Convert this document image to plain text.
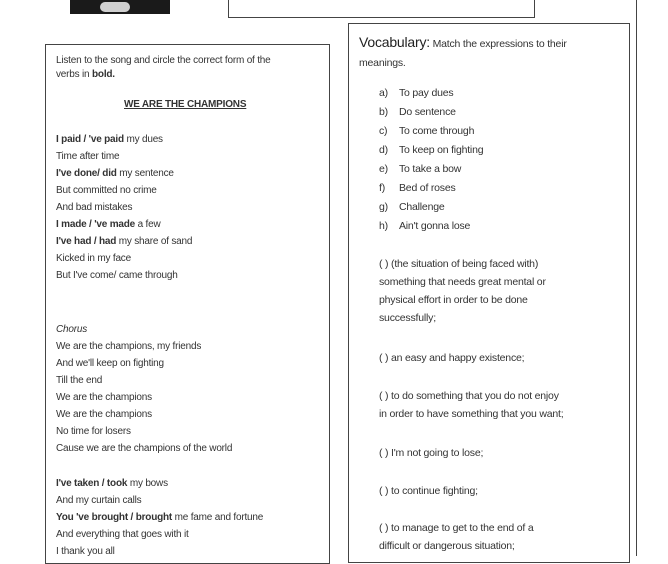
Listen to the song and circle the correct form of the
verbs in bold.
WE ARE THE CHAMPIONS
I paid / 've paid my dues
Time after time
I've done/ did my sentence
But committed no crime
And bad mistakes
I made / 've made a few
I've had / had my share of sand
Kicked in my face
But I've come/ came through
Chorus
We are the champions, my friends
And we'll keep on fighting
Till the end
We are the champions
We are the champions
No time for losers
Cause we are the champions of the world
I've taken / took my bows
And my curtain calls
You 've brought / brought me fame and fortune
And everything that goes with it
I thank you all
Vocabulary: Match the expressions to their
meanings.
a) To pay dues
b) Do sentence
c) To come through
d) To keep on fighting
e) To take a bow
f) Bed of roses
g) Challenge
h) Ain't gonna lose
( ) (the situation of being faced with)
something that needs great mental or
physical effort in order to be done
successfully;
( ) an easy and happy existence;
( ) to do something that you do not enjoy
in order to have something that you want;
( ) I'm not going to lose;
( ) to continue fighting;
( ) to manage to get to the end of a
difficult or dangerous situation;
